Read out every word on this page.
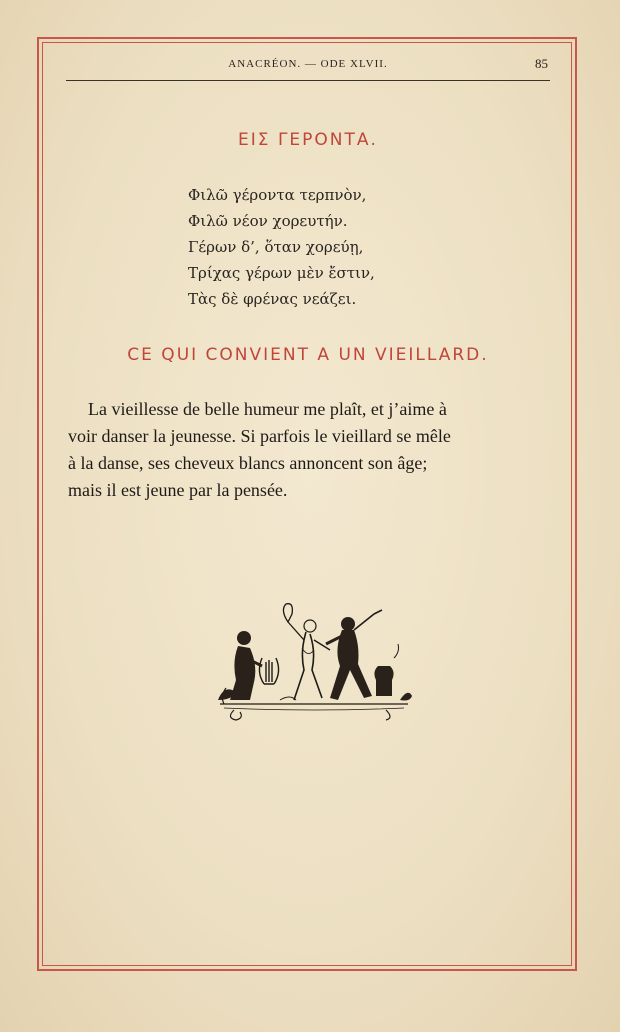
ANACRÉON. — ODE XLVII.	85
ΕΙΣ ΓΕΡΟΝΤΑ.
Φιλῶ γέροντα τερπνὸν,
Φιλῶ νέον χορευτήν.
Γέρων δ’, ὅταν χορεύῃ,
Τρίχας γέρων μὲν ἔστιν,
Τὰς δὲ φρένας νεάζει.
CE QUI CONVIENT A UN VIEILLARD.
La vieillesse de belle humeur me plaît, et j’aime à
voir danser la jeunesse. Si parfois le vieillard se mêle
à la danse, ses cheveux blancs annoncent son âge;
mais il est jeune par la pensée.
